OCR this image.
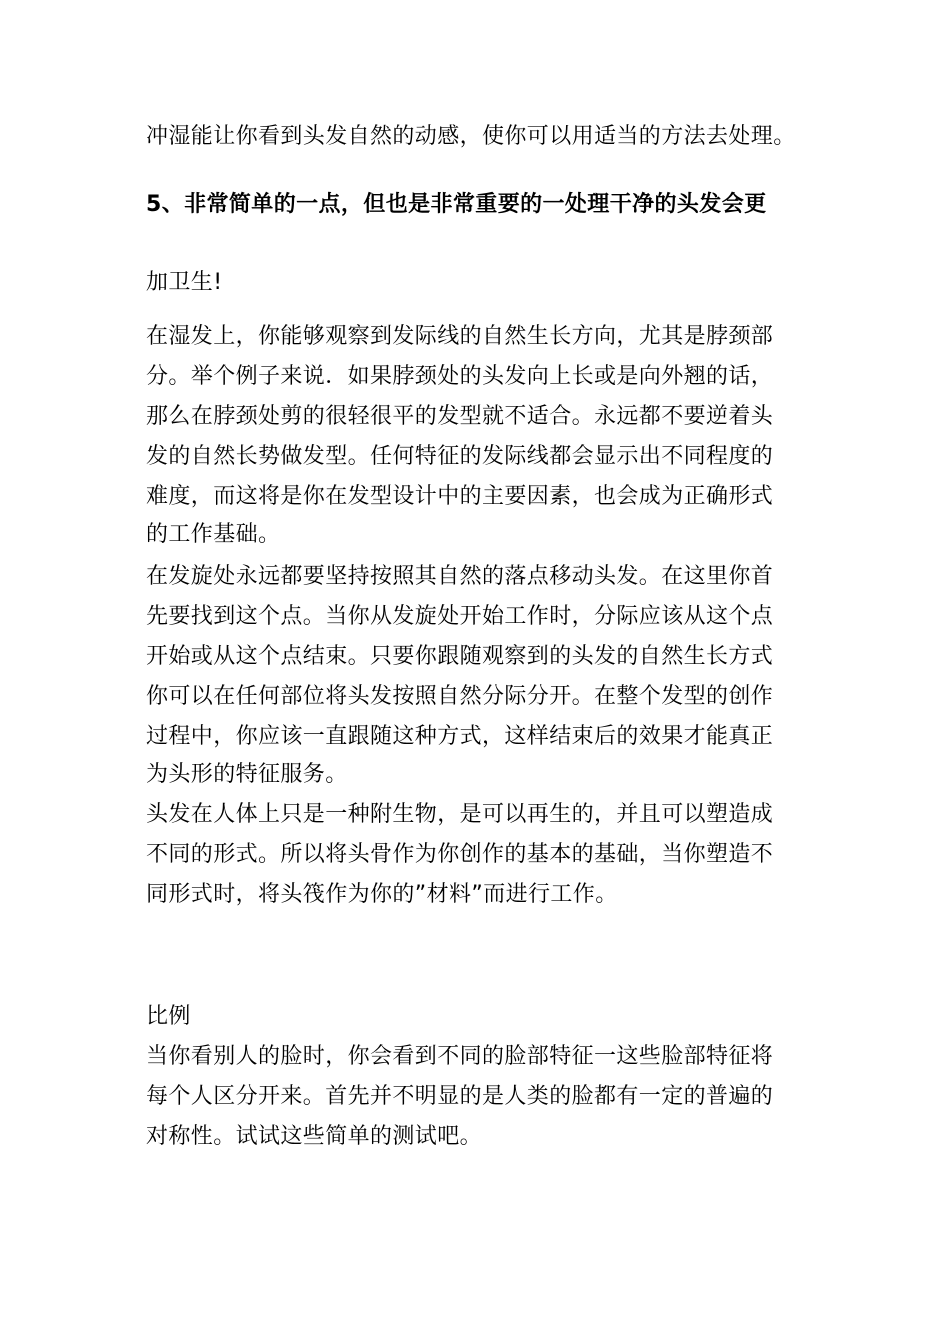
冲湿能让你看到头发自然的动感，使你可以用适当的方法去处理。
5、非常简单的一点，但也是非常重要的一处理干净的头发会更
加卫生!
在湿发上，你能够观察到发际线的自然生长方向，尤其是脖颈部
分。举个例子来说．如果脖颈处的头发向上长或是向外翘的话，
那么在脖颈处剪的很轻很平的发型就不适合。永远都不要逆着头
发的自然长势做发型。任何特征的发际线都会显示出不同程度的
难度，而这将是你在发型设计中的主要因素，也会成为正确形式
的工作基础。
在发旋处永远都要坚持按照其自然的落点移动头发。在这里你首
先要找到这个点。当你从发旋处开始工作时，分际应该从这个点
开始或从这个点结束。只要你跟随观察到的头发的自然生长方式
你可以在任何部位将头发按照自然分际分开。在整个发型的创作
过程中，你应该一直跟随这种方式，这样结束后的效果才能真正
为头形的特征服务。
头发在人体上只是一种附生物，是可以再生的，并且可以塑造成
不同的形式。所以将头骨作为你创作的基本的基础，当你塑造不
同形式时，将头筏作为你的”材料”而进行工作。
比例
当你看别人的脸时，你会看到不同的脸部特征一这些脸部特征将
每个人区分开来。首先并不明显的是人类的脸都有一定的普遍的
对称性。试试这些简单的测试吧。
